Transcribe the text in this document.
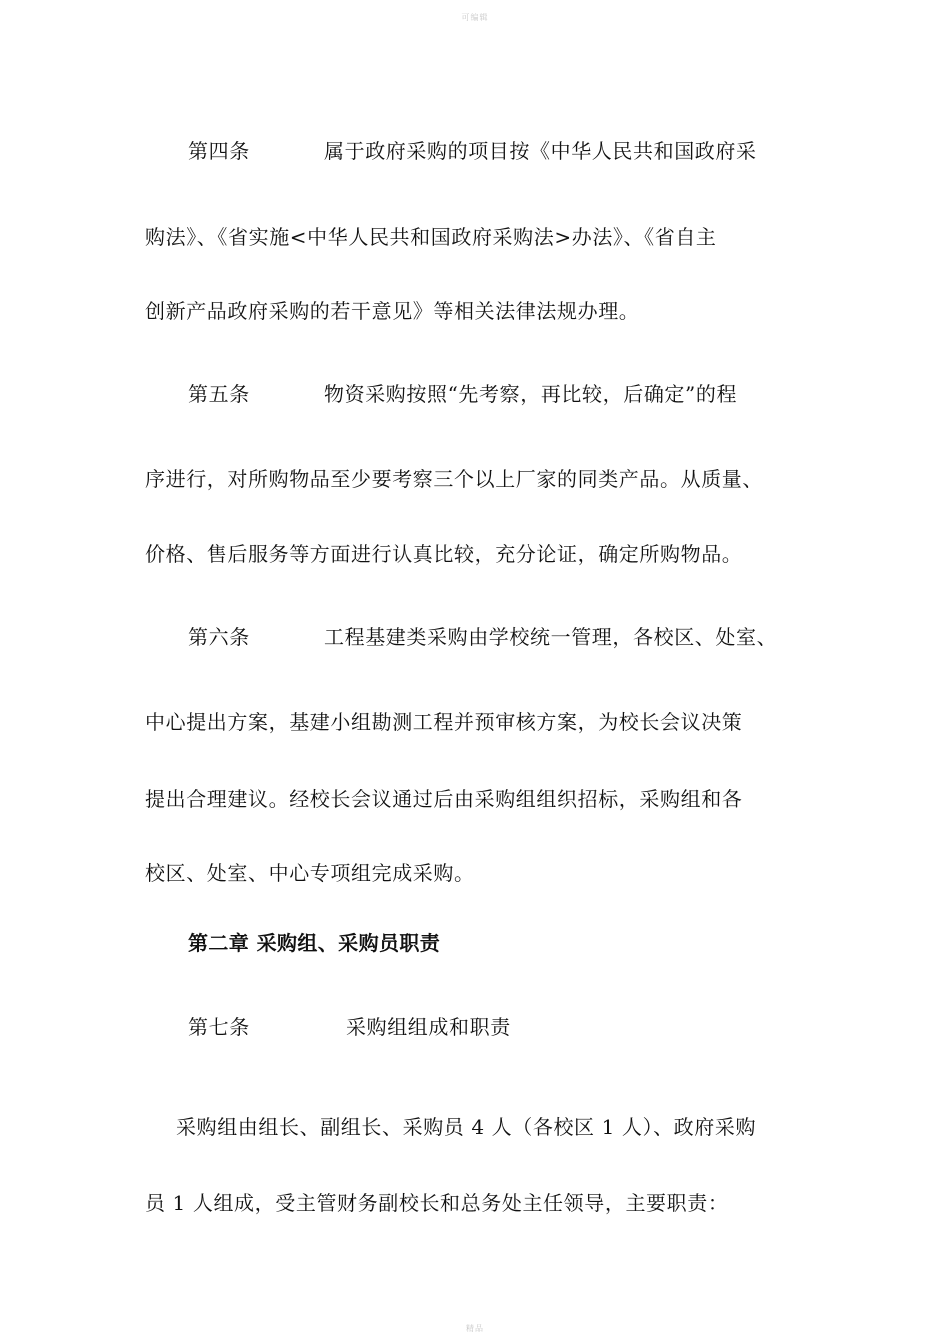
可编辑
第四条	属于政府采购的项目按《中华人民共和国政府采
购法》、《省实施<中华人民共和国政府采购法>办法》、《省自主
创新产品政府采购的若干意见》等相关法律法规办理。
第五条	物资采购按照“先考察，再比较，后确定”的程
序进行，对所购物品至少要考察三个以上厂家的同类产品。从质量、
价格、售后服务等方面进行认真比较，充分论证，确定所购物品。
第六条	工程基建类采购由学校统一管理，各校区、处室、
中心提出方案，基建小组勘测工程并预审核方案，为校长会议决策
提出合理建议。经校长会议通过后由采购组组织招标，采购组和各
校区、处室、中心专项组完成采购。
第二章 采购组、采购员职责
第七条	采购组组成和职责
采购组由组长、副组长、采购员 4 人（各校区 1 人）、政府采购
员 1 人组成，受主管财务副校长和总务处主任领导，主要职责：
精品
